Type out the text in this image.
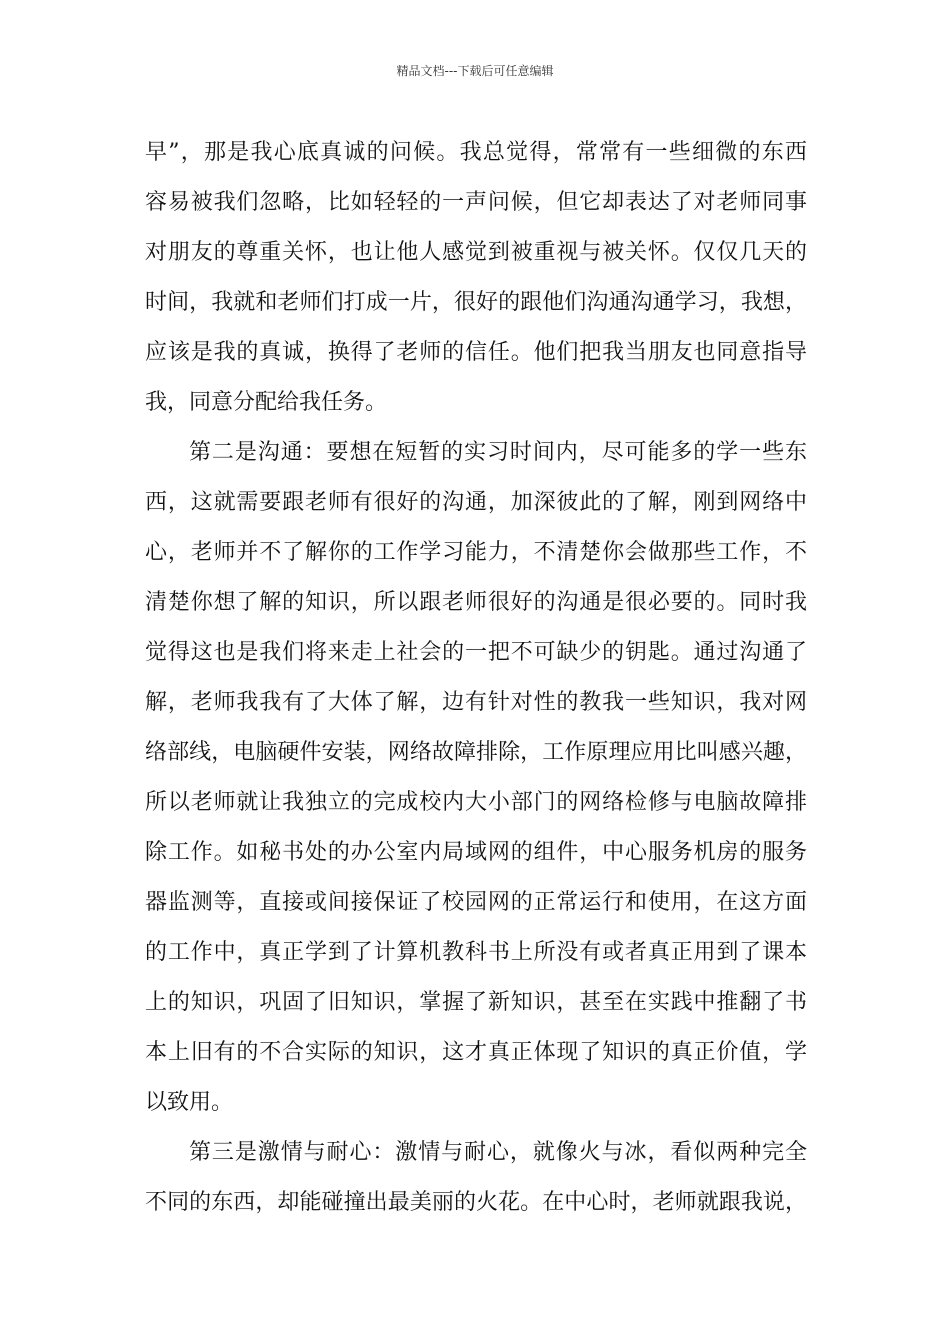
精品文档---下载后可任意编辑
早”，那是我心底真诚的问候。我总觉得，常常有一些细微的东西
容易被我们忽略，比如轻轻的一声问候，但它却表达了对老师同事
对朋友的尊重关怀，也让他人感觉到被重视与被关怀。仅仅几天的
时间，我就和老师们打成一片，很好的跟他们沟通沟通学习，我想，
应该是我的真诚，换得了老师的信任。他们把我当朋友也同意指导
我，同意分配给我任务。
第二是沟通：要想在短暂的实习时间内，尽可能多的学一些东
西，这就需要跟老师有很好的沟通，加深彼此的了解，刚到网络中
心，老师并不了解你的工作学习能力，不清楚你会做那些工作，不
清楚你想了解的知识，所以跟老师很好的沟通是很必要的。同时我
觉得这也是我们将来走上社会的一把不可缺少的钥匙。通过沟通了
解，老师我我有了大体了解，边有针对性的教我一些知识，我对网
络部线，电脑硬件安装，网络故障排除，工作原理应用比叫感兴趣，
所以老师就让我独立的完成校内大小部门的网络检修与电脑故障排
除工作。如秘书处的办公室内局域网的组件，中心服务机房的服务
器监测等，直接或间接保证了校园网的正常运行和使用，在这方面
的工作中，真正学到了计算机教科书上所没有或者真正用到了课本
上的知识，巩固了旧知识，掌握了新知识，甚至在实践中推翻了书
本上旧有的不合实际的知识，这才真正体现了知识的真正价值，学
以致用。
第三是激情与耐心：激情与耐心，就像火与冰，看似两种完全
不同的东西，却能碰撞出最美丽的火花。在中心时，老师就跟我说，
